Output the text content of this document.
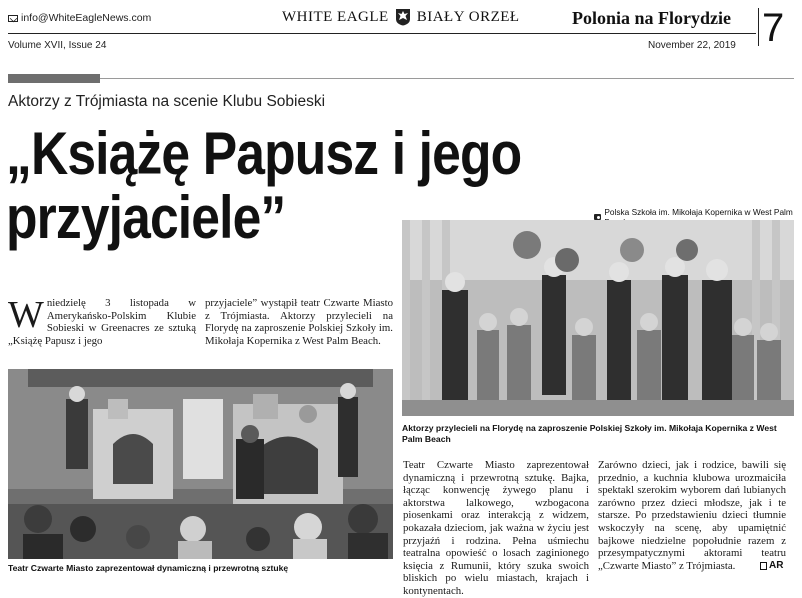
info@WhiteEagleNews.com	WHITE EAGLE BIAŁY ORZEŁ	Polonia na Florydzie 7
Volume XVII, Issue 24	November 22, 2019
Aktorzy z Trójmiasta na scenie Klubu Sobieski
„Książę Papusz i jego przyjaciele”
Wniedzielę 3 listopada w Amerykańsko-Polskim Klubie Sobieski w Greenacres ze sztuką „Książę Papusz i jego
przyjaciele” wystąpił teatr Czwarte Miasto z Trójmiasta. Aktorzy przylecieli na Florydę na zaproszenie Polskiej Szkoły im. Mikołaja Kopernika z West Palm Beach.
Polska Szkoła im. Mikołaja Kopernika w West Palm
Aktorzy przylecieli na Florydę na zaproszenie Polskiej Szkoły im. Mikołaja Kopernika z West Palm Beach
Teatr Czwarte Miasto zaprezentował dynamiczną i przewrotną sztukę
Teatr Czwarte Miasto zaprezentował dynamiczną i przewrotną sztukę. Bajka, łącząc konwencję żywego planu i aktorstwa lalkowego, wzbogacona piosenkami oraz interakcją z widzem, pokazała dzieciom, jak ważna w życiu jest przyjaźń i rodzina. Pełna uśmiechu teatralna opowieść o losach zaginionego księcia z Rumunii, który szuka swoich bliskich po wielu miastach, krajach i kontynentach.
Zarówno dzieci, jak i rodzice, bawili się przednio, a kuchnia klubowa urozmaiciła spektakl szerokim wyborem dań lubianych zarówno przez dzieci młodsze, jak i te starsze. Po przedstawieniu dzieci tłumnie wskoczyły na scenę, aby upamiętnić bajkowe niedzielne popołudnie razem z przesympatycznymi aktorami teatru „Czwarte Miasto” z Trójmiasta.	AR
